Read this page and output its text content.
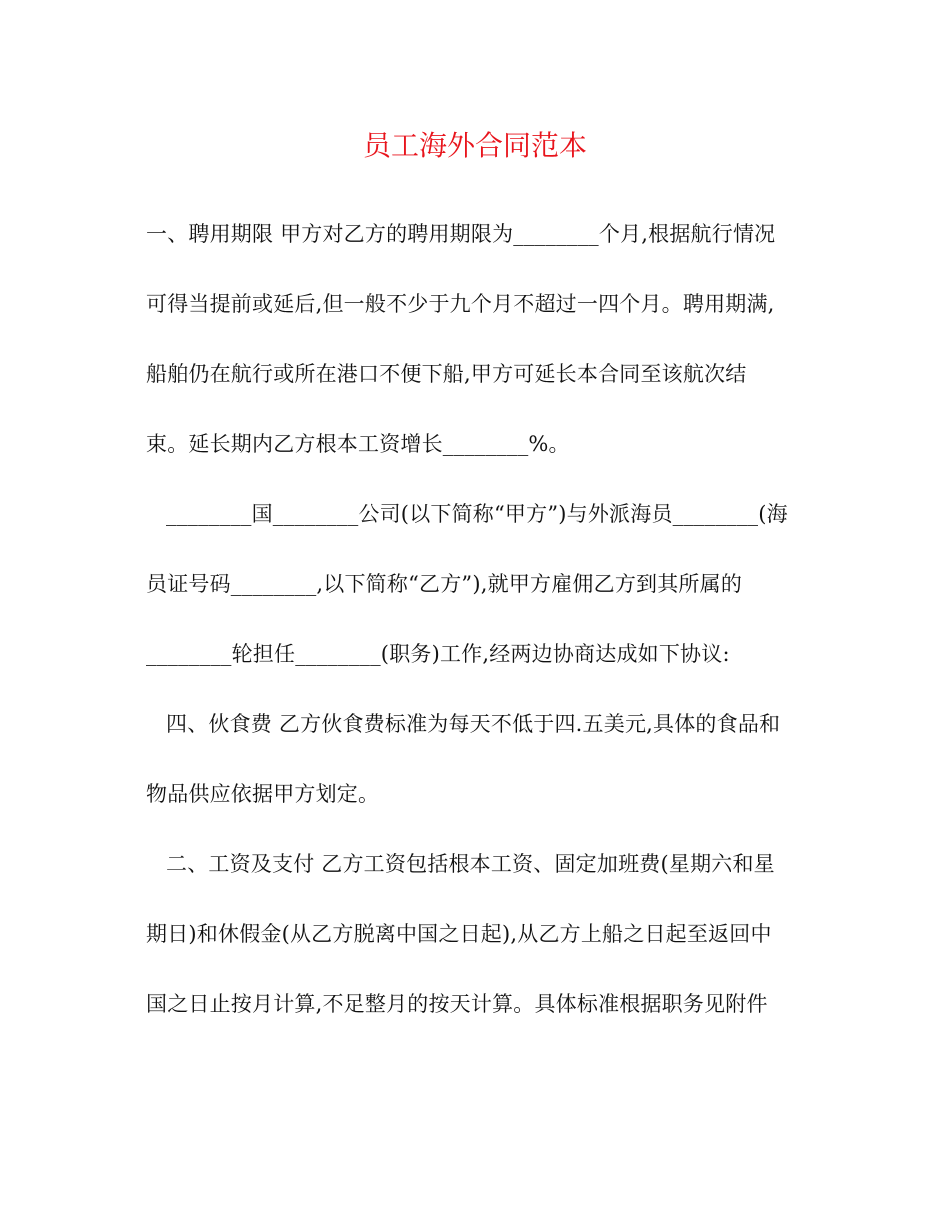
员工海外合同范本
一、聘用期限 甲方对乙方的聘用期限为________个月,根据航行情况
可得当提前或延后,但一般不少于九个月不超过一四个月。聘用期满,
船舶仍在航行或所在港口不便下船,甲方可延长本合同至该航次结
束。延长期内乙方根本工资增长________%。
________国________公司(以下简称“甲方”)与外派海员________(海
员证号码________,以下简称“乙方”),就甲方雇佣乙方到其所属的
________轮担任________(职务)工作,经两边协商达成如下协议:
四、伙食费 乙方伙食费标准为每天不低于四.五美元,具体的食品和
物品供应依据甲方划定。
二、工资及支付 乙方工资包括根本工资、固定加班费(星期六和星
期日)和休假金(从乙方脱离中国之日起),从乙方上船之日起至返回中
国之日止按月计算,不足整月的按天计算。具体标准根据职务见附件
